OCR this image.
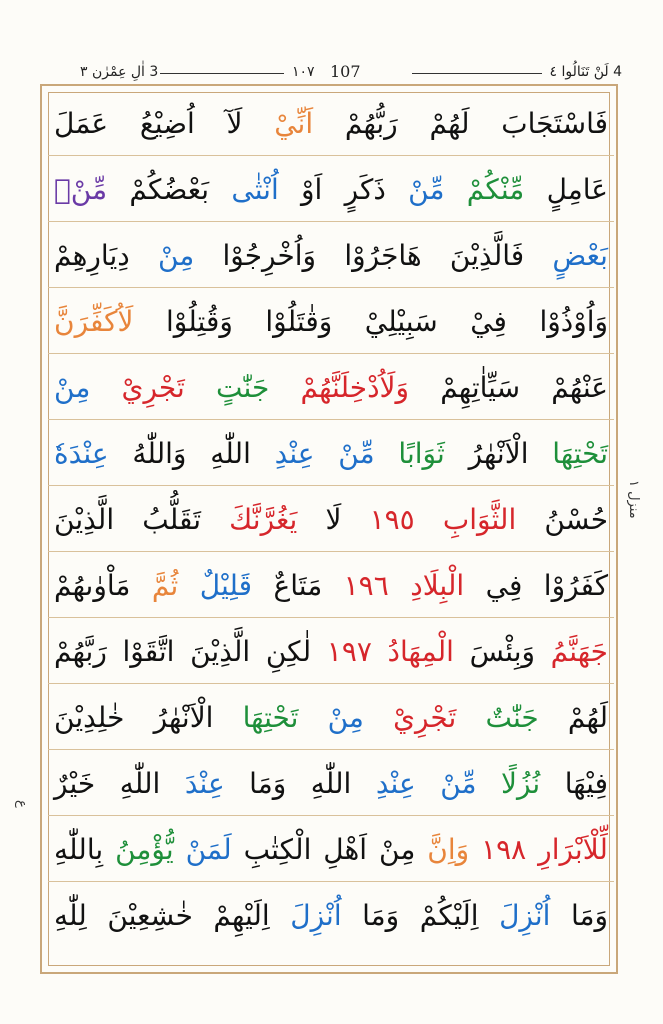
4 لَنْ تَنَالُوا ٤
107
١٠٧
3 اٰلِ عِمْرٰن ٣
فَاسْتَجَابَ لَهُمْ رَبُّهُمْ اَنِّيْ لَآ اُضِيْعُ عَمَلَ
عَامِلٍ مِّنْكُمْ مِّنْ ذَكَرٍ اَوْ اُنْثٰى بَعْضُكُمْ مِّنْۢ
بَعْضٍ فَالَّذِيْنَ هَاجَرُوْا وَاُخْرِجُوْا مِنْ دِيَارِهِمْ
وَاُوْذُوْا فِيْ سَبِيْلِيْ وَقٰتَلُوْا وَقُتِلُوْا لَاُكَفِّرَنَّ
عَنْهُمْ سَيِّاٰتِهِمْ وَلَاُدْخِلَنَّهُمْ جَنّٰتٍ تَجْرِيْ مِنْ
تَحْتِهَا الْاَنْهٰرُ ثَوَابًا مِّنْ عِنْدِ اللّٰهِ وَاللّٰهُ عِنْدَهٗ
حُسْنُ الثَّوَابِ ١٩٥ لَا يَغُرَّنَّكَ تَقَلُّبُ الَّذِيْنَ
كَفَرُوْا فِي الْبِلَادِ ١٩٦ مَتَاعٌ قَلِيْلٌ ثُمَّ مَاْوٰىهُمْ
جَهَنَّمُ وَبِئْسَ الْمِهَادُ ١٩٧ لٰكِنِ الَّذِيْنَ اتَّقَوْا رَبَّهُمْ
لَهُمْ جَنّٰتٌ تَجْرِيْ مِنْ تَحْتِهَا الْاَنْهٰرُ خٰلِدِيْنَ
فِيْهَا نُزُلًا مِّنْ عِنْدِ اللّٰهِ وَمَا عِنْدَ اللّٰهِ خَيْرٌ
لِّلْاَبْرَارِ ١٩٨ وَاِنَّ مِنْ اَهْلِ الْكِتٰبِ لَمَنْ يُّؤْمِنُ بِاللّٰهِ
وَمَا اُنْزِلَ اِلَيْكُمْ وَمَا اُنْزِلَ اِلَيْهِمْ خٰشِعِيْنَ لِلّٰهِ
منزل ١
ع
